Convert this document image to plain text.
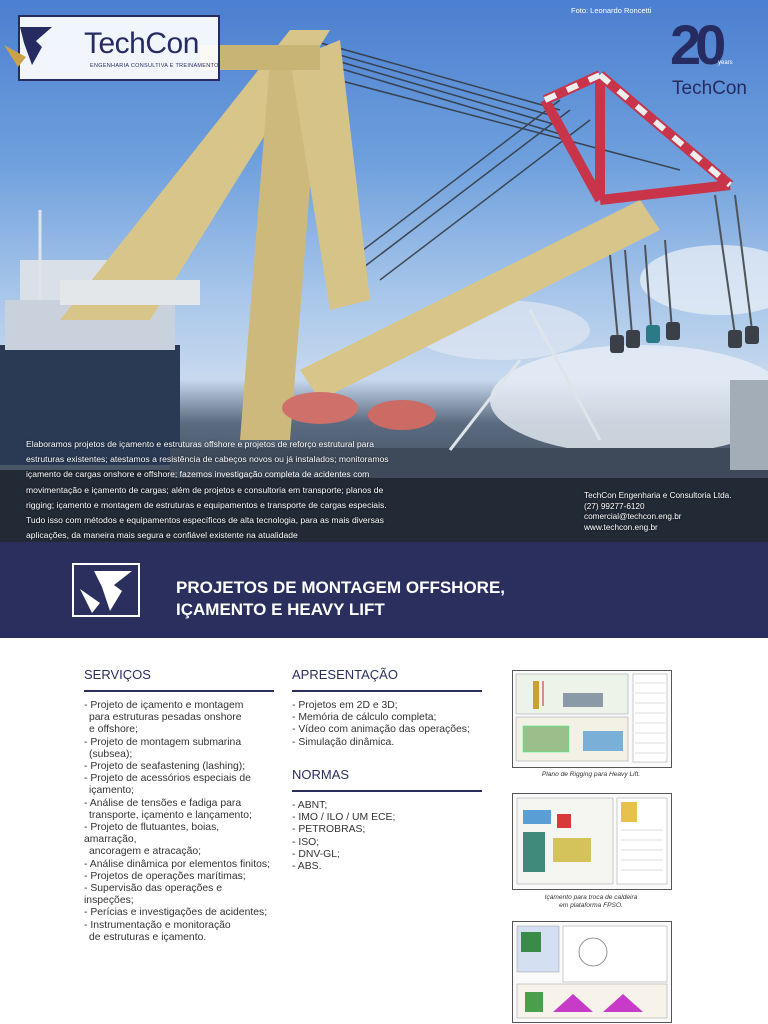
TechCon
ENGENHARIA CONSULTIVA E TREINAMENTO
Foto: Leonardo Roncetti
20
years
TechCon
Elaboramos projetos de içamento e estruturas offshore e projetos de reforço estrutural para
estruturas existentes; atestamos a resistência de cabeços novos ou já instalados; monitoramos
içamento de cargas onshore e offshore; fazemos investigação completa de acidentes com
movimentação e içamento de cargas; além de projetos e consultoria em transporte; planos de
rigging; içamento e montagem de estruturas e equipamentos e transporte de cargas especiais.
Tudo isso com métodos e equipamentos específicos de alta tecnologia, para as mais diversas
aplicações, da maneira mais segura e confiável existente na atualidade
TechCon Engenharia e Consultoria Ltda.
(27) 99277-6120
comercial@techcon.eng.br
www.techcon.eng.br
PROJETOS DE MONTAGEM OFFSHORE,
IÇAMENTO E HEAVY LIFT
SERVIÇOS
- Projeto de içamento e montagem
para estruturas pesadas onshore
e offshore;
- Projeto de montagem submarina
(subsea);
- Projeto de seafastening (lashing);
- Projeto de acessórios especiais de
içamento;
- Análise de tensões e fadiga para
transporte, içamento e lançamento;
- Projeto de flutuantes, boias, amarração,
ancoragem e atracação;
- Análise dinâmica por elementos finitos;
- Projetos de operações marítimas;
- Supervisão das operações e inspeções;
- Perícias e investigações de acidentes;
- Instrumentação e monitoração
de estruturas e içamento.
APRESENTAÇÃO
- Projetos em 2D e 3D;
- Memória de cálculo completa;
- Vídeo com animação das operações;
- Simulação dinâmica.
NORMAS
- ABNT;
- IMO / ILO / UM ECE;
- PETROBRAS;
- ISO;
- DNV-GL;
- ABS.
Plano de Rigging para Heavy Lift.
Içamento para troca de caldeira
em plataforma FPSO.
